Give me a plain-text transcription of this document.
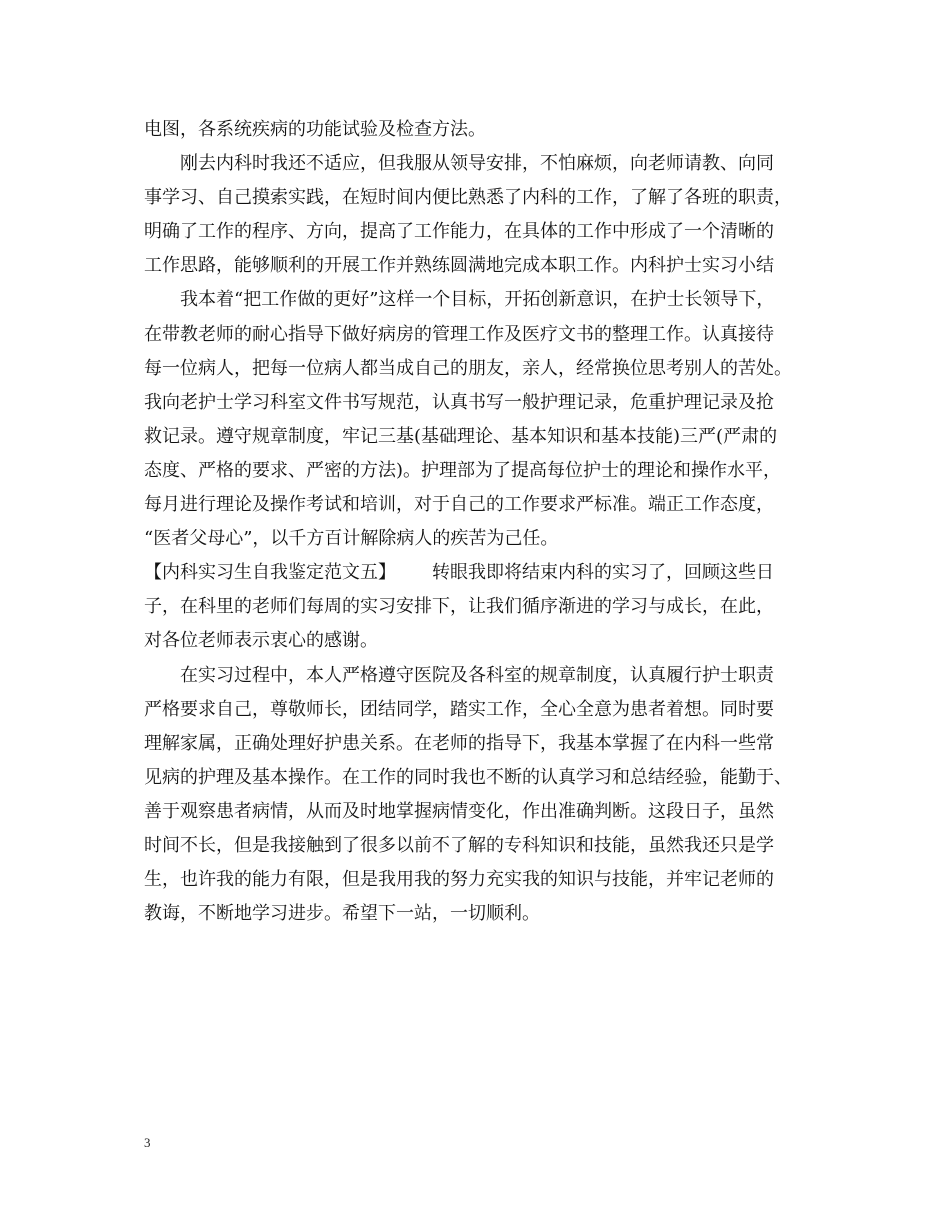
电图，各系统疾病的功能试验及检查方法。
刚去内科时我还不适应，但我服从领导安排，不怕麻烦，向老师请教、向同
事学习、自己摸索实践，在短时间内便比熟悉了内科的工作，了解了各班的职责，
明确了工作的程序、方向，提高了工作能力，在具体的工作中形成了一个清晰的
工作思路，能够顺利的开展工作并熟练圆满地完成本职工作。内科护士实习小结
我本着“把工作做的更好”这样一个目标，开拓创新意识，在护士长领导下，
在带教老师的耐心指导下做好病房的管理工作及医疗文书的整理工作。认真接待
每一位病人，把每一位病人都当成自己的朋友，亲人，经常换位思考别人的苦处。
我向老护士学习科室文件书写规范，认真书写一般护理记录，危重护理记录及抢
救记录。遵守规章制度，牢记三基(基础理论、基本知识和基本技能)三严(严肃的
态度、严格的要求、严密的方法)。护理部为了提高每位护士的理论和操作水平，
每月进行理论及操作考试和培训，对于自己的工作要求严标准。端正工作态度，
“医者父母心”，以千方百计解除病人的疾苦为己任。
【内科实习生自我鉴定范文五】 转眼我即将结束内科的实习了，回顾这些日
子，在科里的老师们每周的实习安排下，让我们循序渐进的学习与成长，在此，
对各位老师表示衷心的感谢。
在实习过程中，本人严格遵守医院及各科室的规章制度，认真履行护士职责
严格要求自己，尊敬师长，团结同学，踏实工作，全心全意为患者着想。同时要
理解家属，正确处理好护患关系。在老师的指导下，我基本掌握了在内科一些常
见病的护理及基本操作。在工作的同时我也不断的认真学习和总结经验，能勤于、
善于观察患者病情，从而及时地掌握病情变化，作出准确判断。这段日子，虽然
时间不长，但是我接触到了很多以前不了解的专科知识和技能，虽然我还只是学
生，也许我的能力有限，但是我用我的努力充实我的知识与技能，并牢记老师的
教诲，不断地学习进步。希望下一站，一切顺利。
3
